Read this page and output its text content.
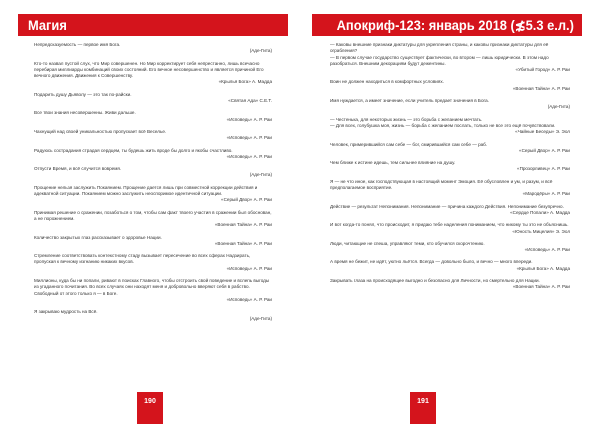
Магия

Непредсказуемость — первое имя Бога.

(Аде-Гита)

Кто-то назвал пустой слух, что Мир совершенен. Но Мир корректирует себя непрестанно, лишь всечасно перебирая миллиарды комбинаций своих состояний. Его вечное несовершенство и является причиной Его вечного движения. Движения к Совершенству.

«Крылья Бога» А. Мадда

Подарить душу Дьяволу — это так по-райски.

«Святая Ада» С.Е.Т.

Все твои знания несовершенны. Живи дальше.

«Исповедь» А. Р. Раи

Чахнущий над своей уникальностью пропускает всё Веселье.

«Исповедь» А. Р. Раи

Радуюсь сострадания страдая сердцем, ты будешь жить вроде бы долго и якобы счастливо.

«Исповедь» А. Р. Раи

Отпусти Время, и всё случится вовремя.

(Аде-Гита)

Прощение нельзя заслужить Покаянием. Прощение дается лишь при совместной коррекции действия и адекватной ситуации. Покаянием можно заслужить неоспоримое идентичной ситуации.

«Серый Двор» А. Р. Раи

Принимая решение о сражении, позаботься о том, чтобы сам факт твоего участия в сражении был обоснован, а не порожнением.

«Военная Тайна» А. Р. Раи

Количество закрытых глаз рассказывает о здоровье Нации.

«Военная Тайна» А. Р. Раи

Стремление соответствовать контекстному стаду вызывает пересечение во всех сферах Надзирать, пропуская к вечному изгнанию никаких вкусов.

«Исповедь» А. Р. Раи

Миллионы, куда бы ни попали, ривают в поисках Главного, чтобы отстроить свой поведение и вслепь выгоды из угаданного почитания. Во всех случаях они находят меня и добровольно вверяют себя в рабство. Свободный от этого только я — в Боге.

«Исповедь» А. Р. Раи

Я закрываю мудрость на Всё.

(Аде-Гита)
190
Апокриф-123: январь 2018 (≴5.3 е.л.)

— Каковы внешние признаки диктатуры для укрепления страны, и каковы признаки диктатуры для её ограбления?

— В первом случае государство существует фактически, во втором — лишь юридически. В этом надо разобраться. Внешним декорациям будут дежентины.

«Убитый Город» А. Р. Раи

Воин не должен находиться в комфортных условиях.

«Военная Тайна» А. Р. Раи

Имя нуждается, а имеет значение, если учитель предает значения в Бога.

(Аде-Гита)

— Честенька, для некоторых жизнь — это борьба с желанием мечтать.

— Для всех, голубушка моя, жизнь — борьба с желанием послать, только не все это ещё почувствовали.

«Чайные Беседы» Э. Эол

Человек, примерившийся сам себе — бог, смирившийся сам себе — раб.

«Серый Двор» А. Р. Раи

Чем ближе к истине идешь, тем сильнее влияние на душу.

«Прозорливец» А. Р. Раи

Я — не что иное, как господствующая в настоящий момент Эмоция. Её обусловлен и ум, и разум, и всё предполагаемое восприятие.

«Мародёры» А. Р. Раи

Действие — результат Непонимания. Непонимание — причина каждого Действия. Непонимание безупречно.

«Сердце Попали» А. Мадда

И вот когда-то понял, что происходит, я придаю тебе наделения пониманием, что никому ты это не объяснишь.

«Юность Мицелия» Э. Эол

Люди, читающие не спеша, управляют теми, кто обучился скорочтению.

«Исповедь» А. Р. Раи

А время не бежит, не идёт, уютно льётся. Всегда — довольно было, и вечно — много впереди.

«Крылья Бога» А. Мадда

Закрывать глаза на происходящее выгодно и безопасно для Личности, но смертельно для Нации.

«Военная Тайна» А. Р. Раи
191
